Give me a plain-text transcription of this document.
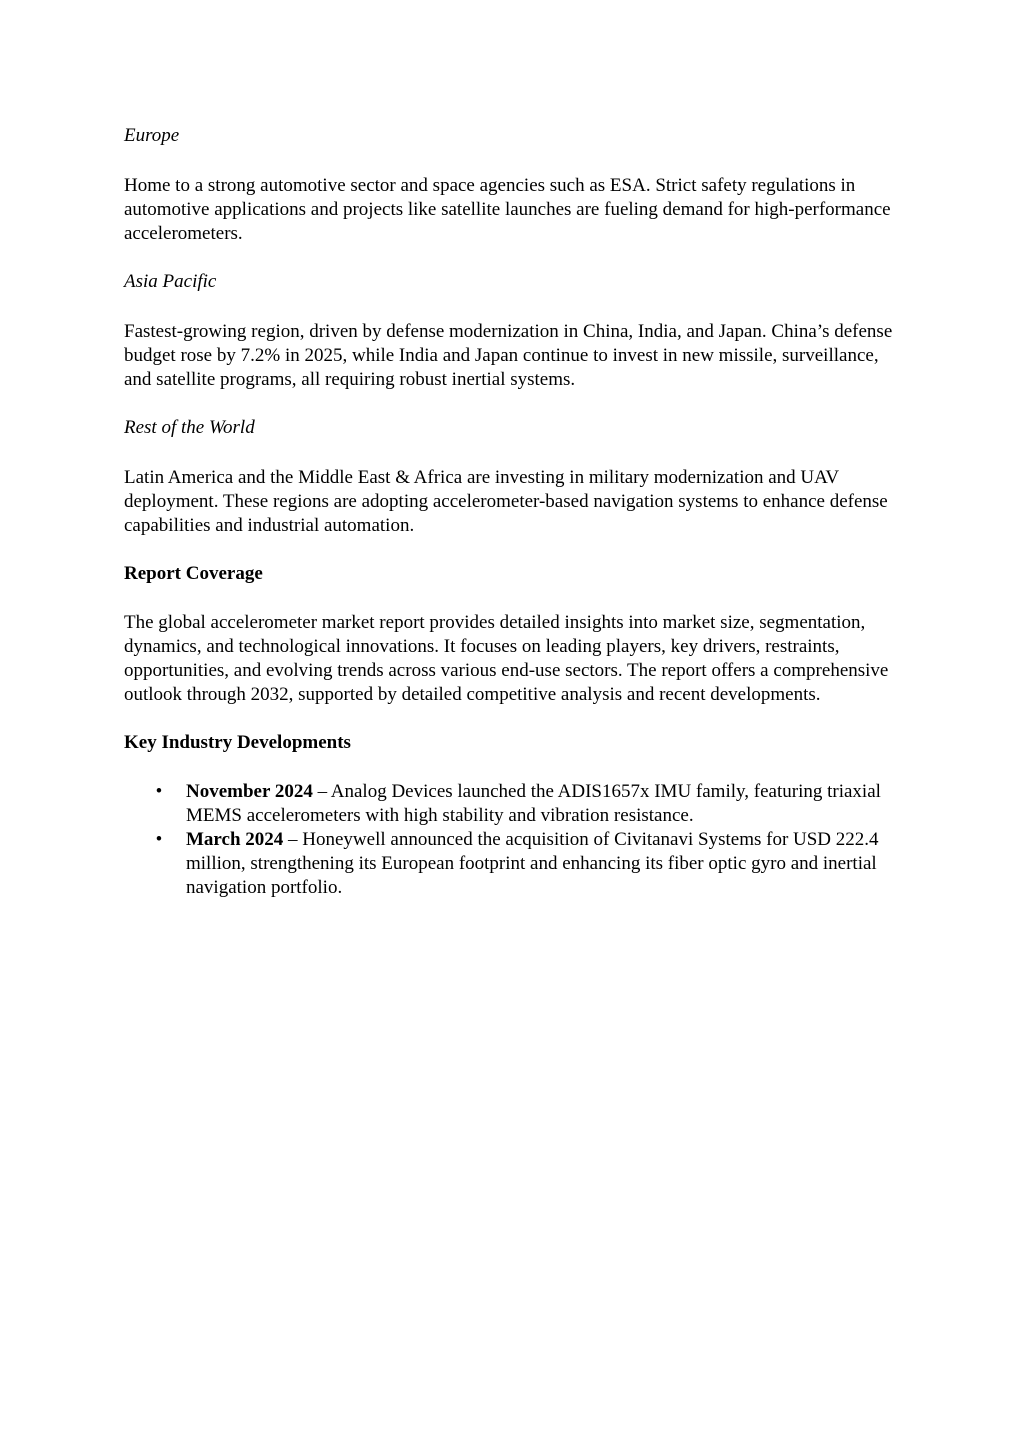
Europe

Home to a strong automotive sector and space agencies such as ESA. Strict safety regulations in automotive applications and projects like satellite launches are fueling demand for high-performance accelerometers.

Asia Pacific

Fastest-growing region, driven by defense modernization in China, India, and Japan. China’s defense budget rose by 7.2% in 2025, while India and Japan continue to invest in new missile, surveillance, and satellite programs, all requiring robust inertial systems.

Rest of the World

Latin America and the Middle East & Africa are investing in military modernization and UAV deployment. These regions are adopting accelerometer-based navigation systems to enhance defense capabilities and industrial automation.

Report Coverage

The global accelerometer market report provides detailed insights into market size, segmentation, dynamics, and technological innovations. It focuses on leading players, key drivers, restraints, opportunities, and evolving trends across various end-use sectors. The report offers a comprehensive outlook through 2032, supported by detailed competitive analysis and recent developments.

Key Industry Developments

• November 2024 – Analog Devices launched the ADIS1657x IMU family, featuring triaxial MEMS accelerometers with high stability and vibration resistance.
• March 2024 – Honeywell announced the acquisition of Civitanavi Systems for USD 222.4 million, strengthening its European footprint and enhancing its fiber optic gyro and inertial navigation portfolio.
